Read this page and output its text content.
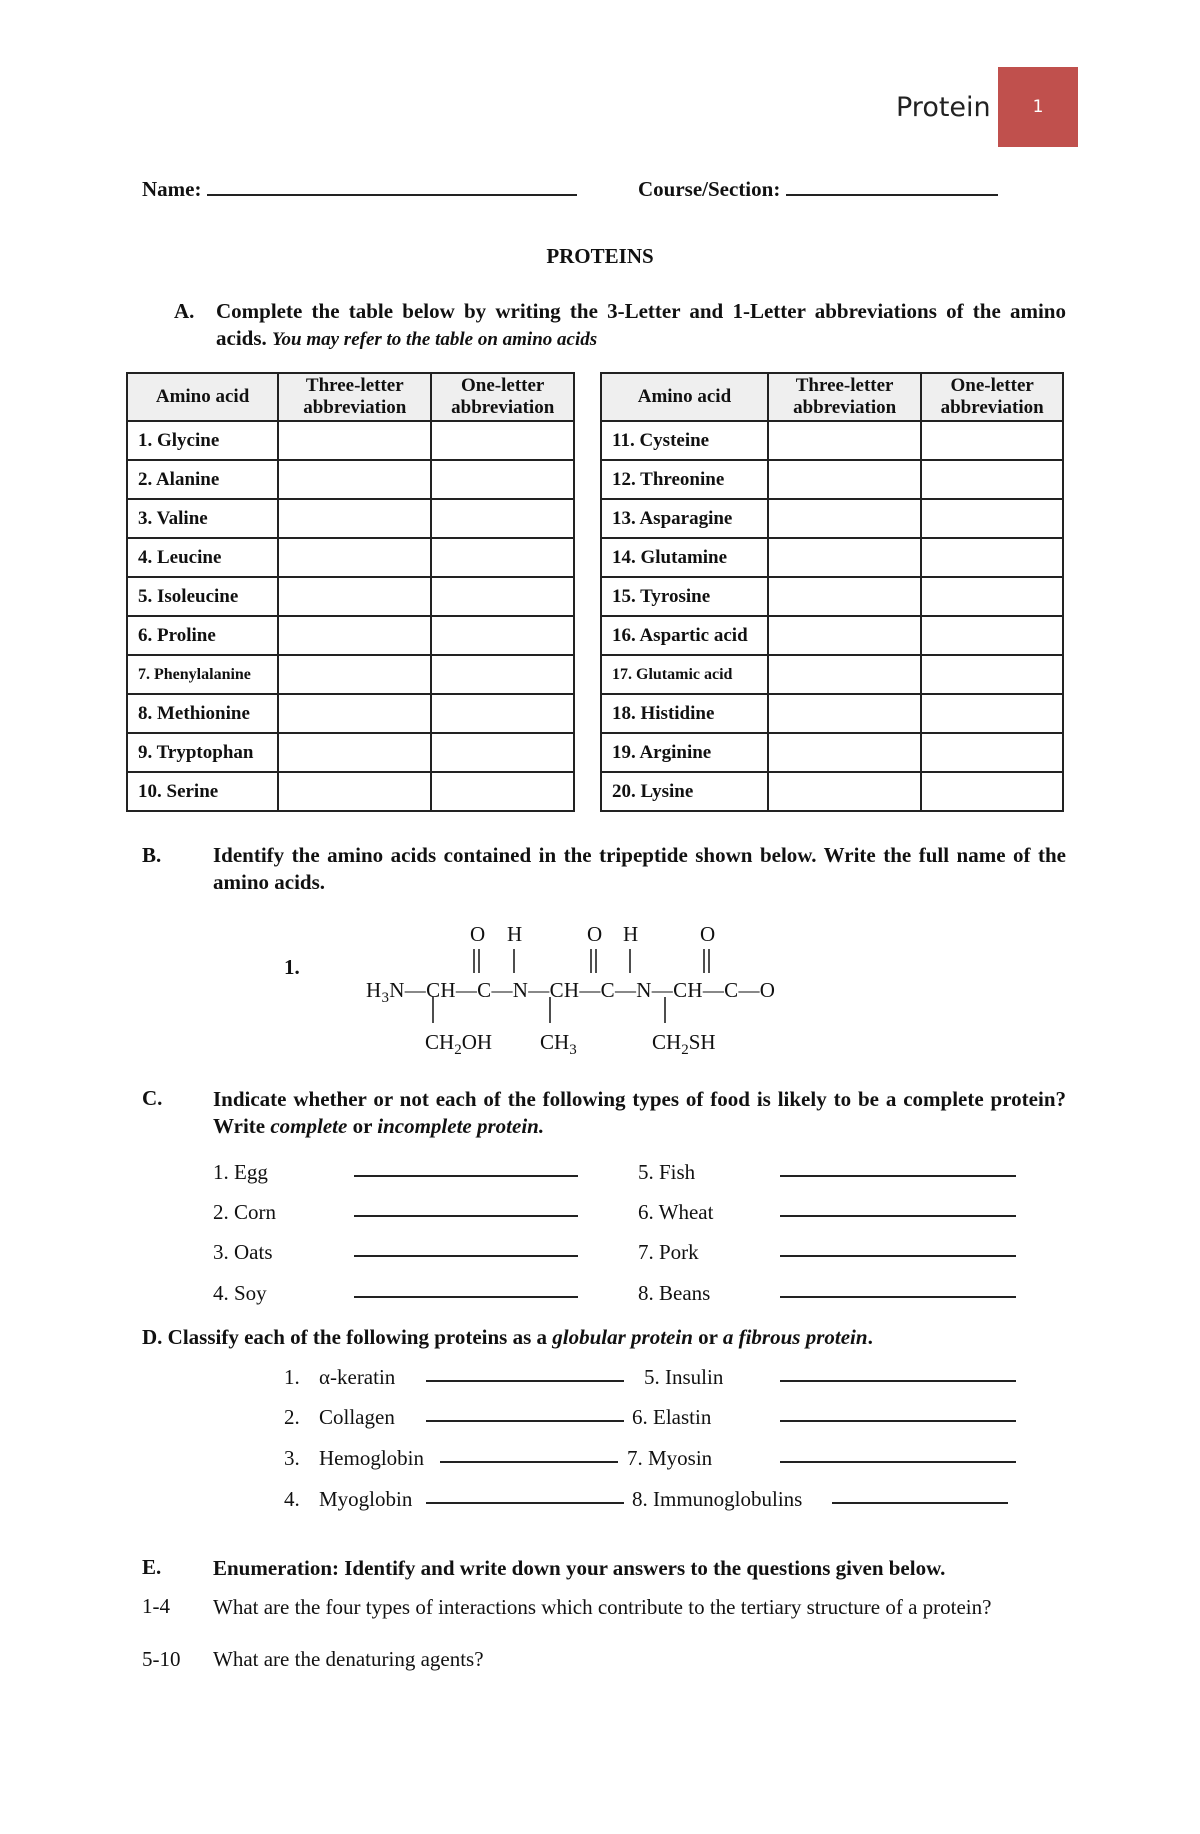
Protein	1
Name:	Course/Section:
PROTEINS
A. Complete the table below by writing the 3-Letter and 1-Letter abbreviations of the amino acids. You may refer to the table on amino acids
Amino acid	Three-letter abbreviation	One-letter abbreviation
1. Glycine		
2. Alanine		
3. Valine		
4. Leucine		
5. Isoleucine		
6. Proline		
7. Phenylalanine		
8. Methionine		
9. Tryptophan		
10. Serine		
Amino acid	Three-letter abbreviation	One-letter abbreviation
11. Cysteine		
12. Threonine		
13. Asparagine		
14. Glutamine		
15. Tyrosine		
16. Aspartic acid		
17. Glutamic acid		
18. Histidine		
19. Arginine		
20. Lysine		
B. Identify the amino acids contained in the tripeptide shown below. Write the full name of the amino acids.
1.
O H	O H	O
$H_3N—CH—C—N—CH—C—N—CH—C—O$
$CH_2OH$ $CH_3$	$CH_2SH$
C. Indicate whether or not each of the following types of food is likely to be a complete protein? Write complete or incomplete protein.
1. Egg
2. Corn
3. Oats
4. Soy
5. Fish
6. Wheat
7. Pork
8. Beans
D. Classify each of the following proteins as a globular protein or a fibrous protein.
1. α-keratin
2. Collagen
3. Hemoglobin
4. Myoglobin
5. Insulin
6. Elastin
7. Myosin
8. Immunoglobulins
E. Enumeration: Identify and write down your answers to the questions given below.
1-4 What are the four types of interactions which contribute to the tertiary structure of a protein?
5-10 What are the denaturing agents?
